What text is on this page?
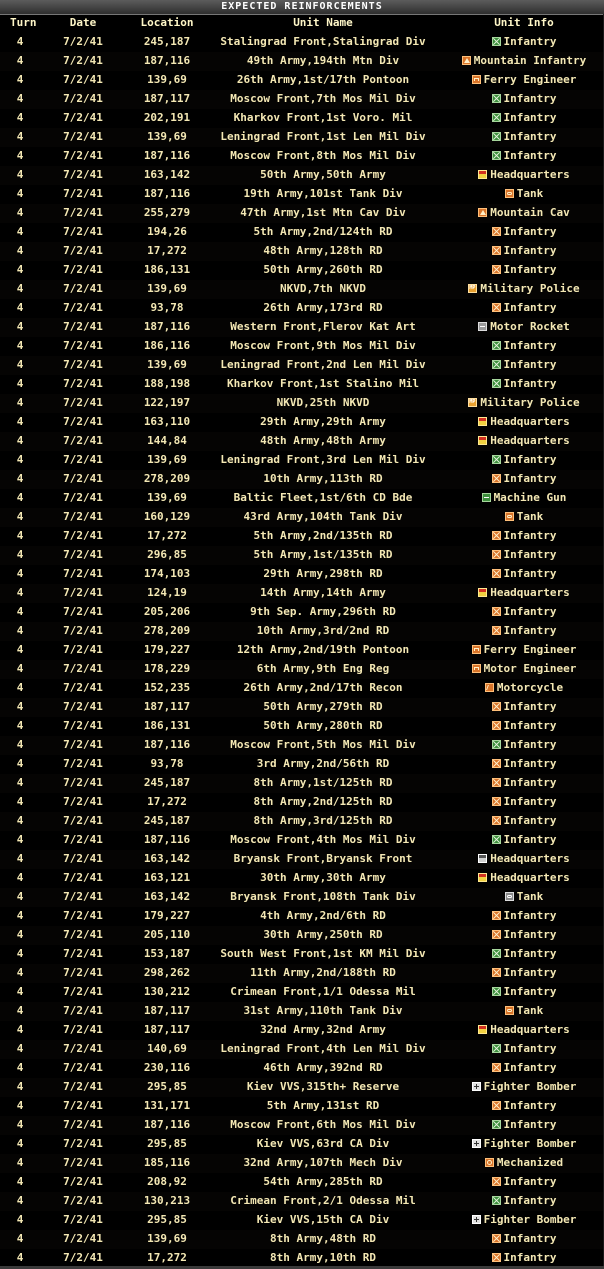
EXPECTED REINFORCEMENTS
Turn	Date	Location	Unit Name	Unit Info
4	7/2/41	245,187	Stalingrad Front,Stalingrad Div	Infantry
4	7/2/41	187,116	49th Army,194th Mtn Div	Mountain Infantry
4	7/2/41	139,69	26th Army,1st/17th Pontoon	Ferry Engineer
4	7/2/41	187,117	Moscow Front,7th Mos Mil Div	Infantry
4	7/2/41	202,191	Kharkov Front,1st Voro. Mil	Infantry
4	7/2/41	139,69	Leningrad Front,1st Len Mil Div	Infantry
4	7/2/41	187,116	Moscow Front,8th Mos Mil Div	Infantry
4	7/2/41	163,142	50th Army,50th Army	Headquarters
4	7/2/41	187,116	19th Army,101st Tank Div	Tank
4	7/2/41	255,279	47th Army,1st Mtn Cav Div	Mountain Cav
4	7/2/41	194,26	5th Army,2nd/124th RD	Infantry
4	7/2/41	17,272	48th Army,128th RD	Infantry
4	7/2/41	186,131	50th Army,260th RD	Infantry
4	7/2/41	139,69	NKVD,7th NKVD MP	Military Police
4	7/2/41	93,78	26th Army,173rd RD	Infantry
4	7/2/41	187,116	Western Front,Flerov Kat Art	Motor Rocket
4	7/2/41	186,116	Moscow Front,9th Mos Mil Div	Infantry
4	7/2/41	139,69	Leningrad Front,2nd Len Mil Div	Infantry
4	7/2/41	188,198	Kharkov Front,1st Stalino Mil	Infantry
4	7/2/41	122,197	NKVD,25th NKVD MP	Military Police
4	7/2/41	163,110	29th Army,29th Army	Headquarters
4	7/2/41	144,84	48th Army,48th Army	Headquarters
4	7/2/41	139,69	Leningrad Front,3rd Len Mil Div	Infantry
4	7/2/41	278,209	10th Army,113th RD	Infantry
4	7/2/41	139,69	Baltic Fleet,1st/6th CD Bde	Machine Gun
4	7/2/41	160,129	43rd Army,104th Tank Div	Tank
4	7/2/41	17,272	5th Army,2nd/135th RD	Infantry
4	7/2/41	296,85	5th Army,1st/135th RD	Infantry
4	7/2/41	174,103	29th Army,298th RD	Infantry
4	7/2/41	124,19	14th Army,14th Army	Headquarters
4	7/2/41	205,206	9th Sep. Army,296th RD	Infantry
4	7/2/41	278,209	10th Army,3rd/2nd RD	Infantry
4	7/2/41	179,227	12th Army,2nd/19th Pontoon	Ferry Engineer
4	7/2/41	178,229	6th Army,9th Eng Reg	Motor Engineer
4	7/2/41	152,235	26th Army,2nd/17th Recon	Motorcycle
4	7/2/41	187,117	50th Army,279th RD	Infantry
4	7/2/41	186,131	50th Army,280th RD	Infantry
4	7/2/41	187,116	Moscow Front,5th Mos Mil Div	Infantry
4	7/2/41	93,78	3rd Army,2nd/56th RD	Infantry
4	7/2/41	245,187	8th Army,1st/125th RD	Infantry
4	7/2/41	17,272	8th Army,2nd/125th RD	Infantry
4	7/2/41	245,187	8th Army,3rd/125th RD	Infantry
4	7/2/41	187,116	Moscow Front,4th Mos Mil Div	Infantry
4	7/2/41	163,142	Bryansk Front,Bryansk Front	Headquarters
4	7/2/41	163,121	30th Army,30th Army	Headquarters
4	7/2/41	163,142	Bryansk Front,108th Tank Div	Tank
4	7/2/41	179,227	4th Army,2nd/6th RD	Infantry
4	7/2/41	205,110	30th Army,250th RD	Infantry
4	7/2/41	153,187	South West Front,1st KM Mil Div	Infantry
4	7/2/41	298,262	11th Army,2nd/188th RD	Infantry
4	7/2/41	130,212	Crimean Front,1/1 Odessa Mil	Infantry
4	7/2/41	187,117	31st Army,110th Tank Div	Tank
4	7/2/41	187,117	32nd Army,32nd Army	Headquarters
4	7/2/41	140,69	Leningrad Front,4th Len Mil Div	Infantry
4	7/2/41	230,116	46th Army,392nd RD	Infantry
4	7/2/41	295,85	Kiev VVS,315th+ Reserve	Fighter Bomber
4	7/2/41	131,171	5th Army,131st RD	Infantry
4	7/2/41	187,116	Moscow Front,6th Mos Mil Div	Infantry
4	7/2/41	295,85	Kiev VVS,63rd CA Div	Fighter Bomber
4	7/2/41	185,116	32nd Army,107th Mech Div	Mechanized
4	7/2/41	208,92	54th Army,285th RD	Infantry
4	7/2/41	130,213	Crimean Front,2/1 Odessa Mil	Infantry
4	7/2/41	295,85	Kiev VVS,15th CA Div	Fighter Bomber
4	7/2/41	139,69	8th Army,48th RD	Infantry
4	7/2/41	17,272	8th Army,10th RD	Infantry
